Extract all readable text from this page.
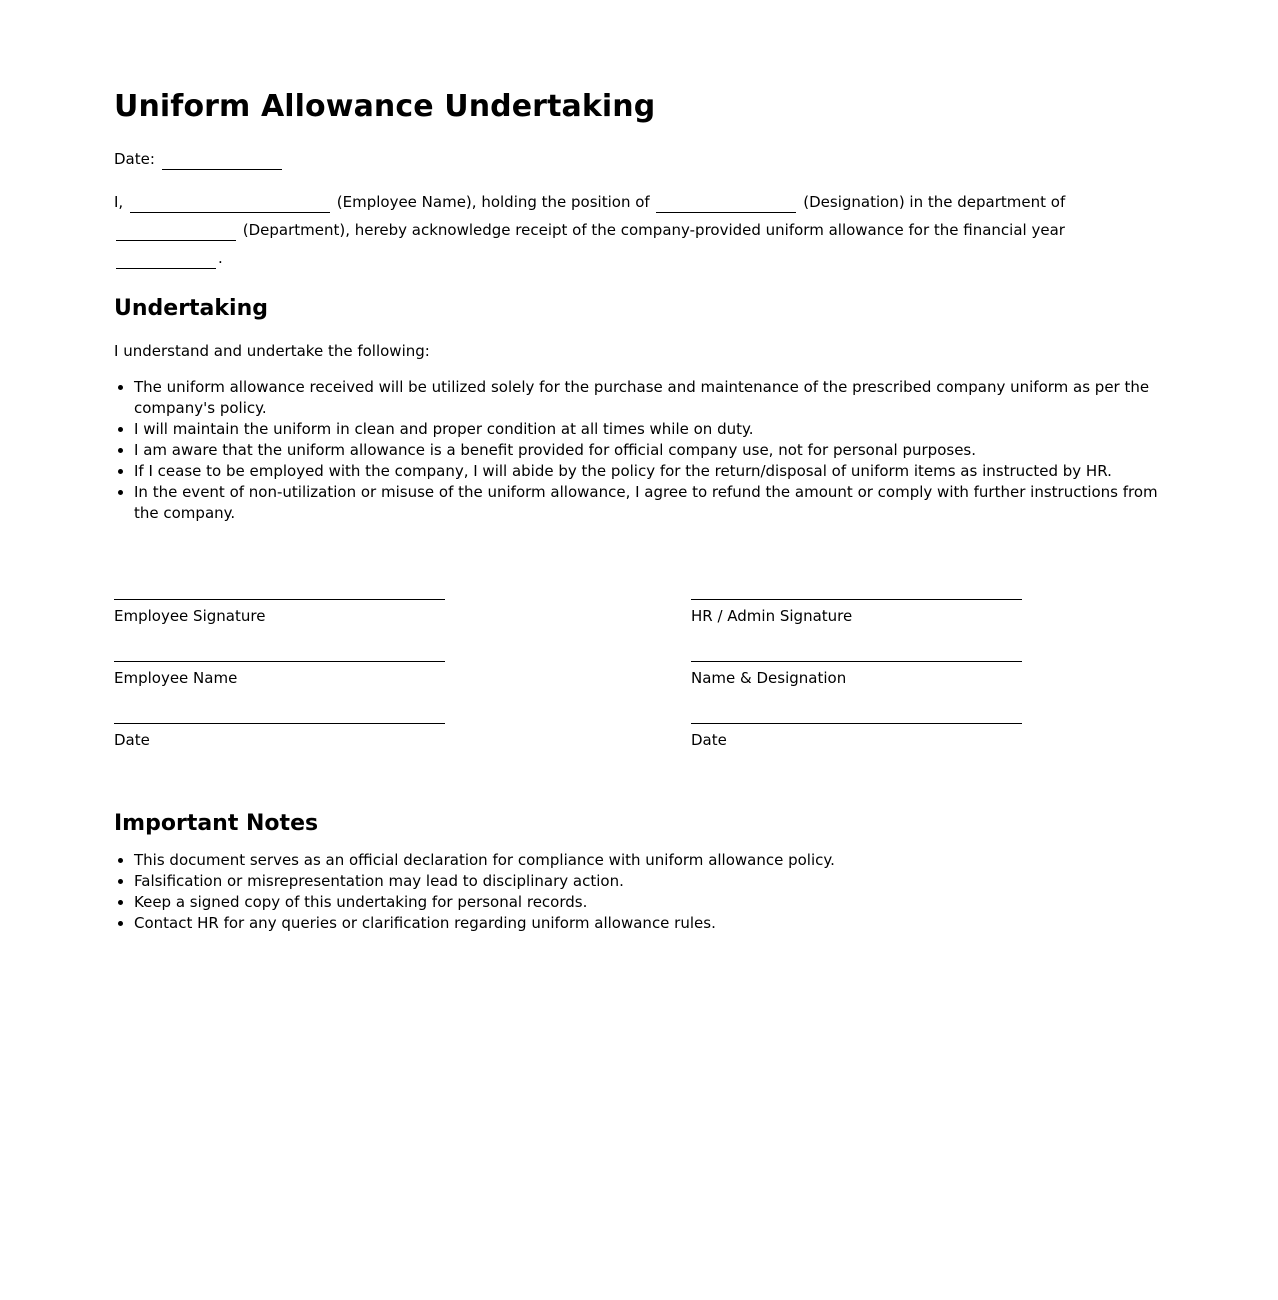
Uniform Allowance Undertaking
Date:
I,	(Employee Name), holding the position of	(Designation) in the department of  (Department), hereby acknowledge receipt of the company-provided uniform allowance for the financial year .
Undertaking
I understand and undertake the following:
• The uniform allowance received will be utilized solely for the purchase and maintenance of the prescribed company uniform as per the company's policy.
• I will maintain the uniform in clean and proper condition at all times while on duty.
• I am aware that the uniform allowance is a benefit provided for official company use, not for personal purposes.
• If I cease to be employed with the company, I will abide by the policy for the return/disposal of uniform items as instructed by HR.
• In the event of non-utilization or misuse of the uniform allowance, I agree to refund the amount or comply with further instructions from the company.
Employee Signature
Employee Name
Date
HR / Admin Signature
Name & Designation
Date
Important Notes
• This document serves as an official declaration for compliance with uniform allowance policy.
• Falsification or misrepresentation may lead to disciplinary action.
• Keep a signed copy of this undertaking for personal records.
• Contact HR for any queries or clarification regarding uniform allowance rules.
